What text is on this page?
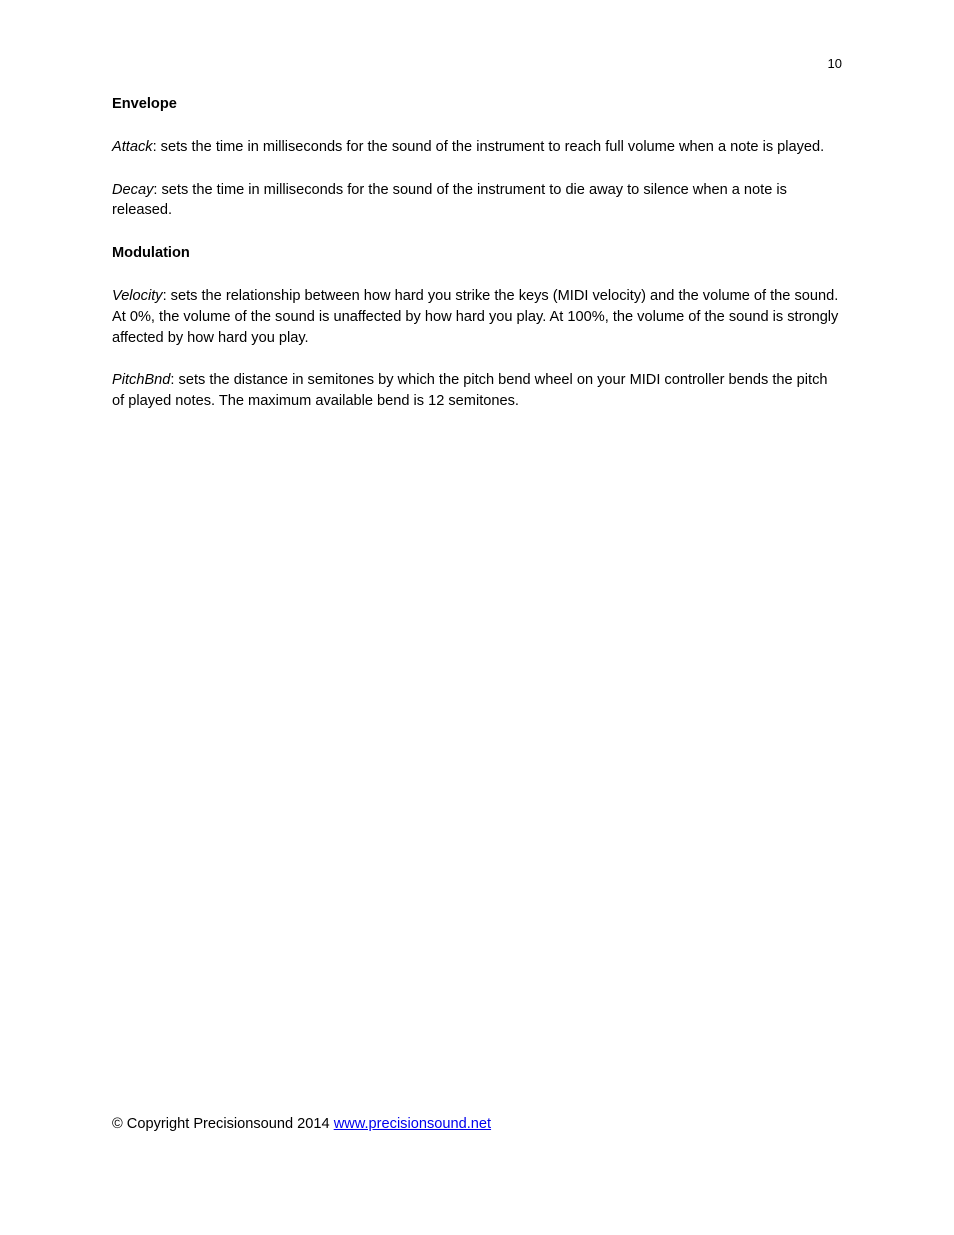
10
Envelope

Attack: sets the time in milliseconds for the sound of the instrument to reach full volume when a note is played.

Decay: sets the time in milliseconds for the sound of the instrument to die away to silence when a note is released.

Modulation

Velocity: sets the relationship between how hard you strike the keys (MIDI velocity) and the volume of the sound. At 0%, the volume of the sound is unaffected by how hard you play. At 100%, the volume of the sound is strongly affected by how hard you play.

PitchBnd: sets the distance in semitones by which the pitch bend wheel on your MIDI controller bends the pitch of played notes. The maximum available bend is 12 semitones.

© Copyright Precisionsound 2014 www.precisionsound.net
